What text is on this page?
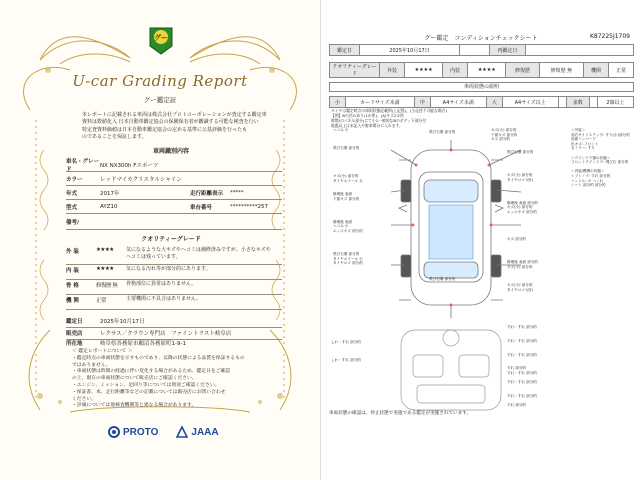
グー
U-car Grading Report
グー鑑定証
本レポートに記載される車両は株式会社プロトコーポレーションが査定する鑑定車
資料は数値化入 日本自動車鑑定協会の保険保有者が鑑識する可能な検査を行い
特定査資料価値は日本自動車鑑定協会の定める基準に公基評価を行ったも
のであることを保証します。
車両識別内容
車名・グレード
NX NX300h Fスポーツ
カラー	レッドマイカクリスタルシャイン
年式	2017年	走行距離表示	*****
型式	AYZ10	車台番号	**********257
備考/
クオリティーグレード
外 装	★★★★	気になるような大キズやヘコミは補修済みですが、小さなキズや
ヘコミは残っています。
内 装	★★★★	気になる汚れ等が部分的にあります。
骨 格	修復歴 無	骨格部位に異常はありません。
機 関	正常	主要機関に不具合はありません。
鑑定日	2025年10月17日
販売店	レクサス／クラウン専門店　ファイントラスト岐阜店
所在地	岐阜県各務原市鵜沼各務原町1-9-1
＜ 鑑定レポートについて ＞
・鑑定時点の車両状態を示すものであり、以降の状態による品質を保証するもの
ではありません。
・車両状態は時間の経過に伴い変化する場合があるため、鑑定日をご確認
の上、現在の車両状態について販売店にご確認ください。
・エンジン、ミッション、足回り等については別途ご確認ください。
・保証書、本、走行距離等などの記載については販売店にお問い合わせ
ください。
・評価については他検査機関等と異なる場合があります。
PROTO	JAAA
グー鑑定　コンディションチェックシート	K87225J1709
鑑定日	2025年10月17日		再鑑定日	
クオリティーグレード	外装	★★★★	内装	★★★★	修復歴	修復歴 無	機関	正常
車両状態の説明
小	カードサイズ未満	中	A4サイズ未満	大	A4サイズ以上		多数		2個以上
タイヤは鑑定時点の車両状態記載例(上記図)。(小記述不可能な場合)
【例】Bの凹みあり(1か所)、(A)キズ2カ所
時間(のパネル部分)にて小1一般的なBのボディ下部分付
地震以上は未記入や駐車場分に入れます。
ヘコみ 小

飛び石傷 部分的

キズ(小) 部分的
タイヤホイール 大

修理後 表面
下面キズ 部分的

修理後 表面
ヘコみ 小
エッジキズ 部分的

飛び石傷 部分的
タイヤホイール 小
タイヤロゴ 部分的
飛び石傷 部分的

飛び石傷 部分的
キズ(小) 部分的
下面キズ 部分的
キズ 部分的
飛び石傷 部分的

キズ(小) 部分的
タイヤロゴ 切れ

修理後 表面 部分的
キズ(小) 部分的
エッジキズ 部分的

キズ 部分的

修理後 表面 部分的
キズ(小) 部分的

キズ(小) 部分的
タイヤロゴ 切れ
＜外装＞
前右サイドステップ: すり(小)部分的
前面バンパー下
出キズ: フロント
右ミラー: すり

＜ウインドウ類の状態＞
フロントウインドウ: 飛び石 部分的

＜内装/機関の状態＞
シフトノブ: すれ 部分的
ハンドル: 小 つくれ
シート 部分的 部分的
すれ・すれ 部分的

すれ・すれ 部分的

すれ・すれ 部分的

すれ 部分的
すれ・すれ 部分的

すれ・すれ 部分的

すれ・すれ 部分的

すれ 部分的
しわ・すれ 部分的

しわ・すれ 部分的
車両状態の確認は、停止状態で実施である鑑定が実施されています。
